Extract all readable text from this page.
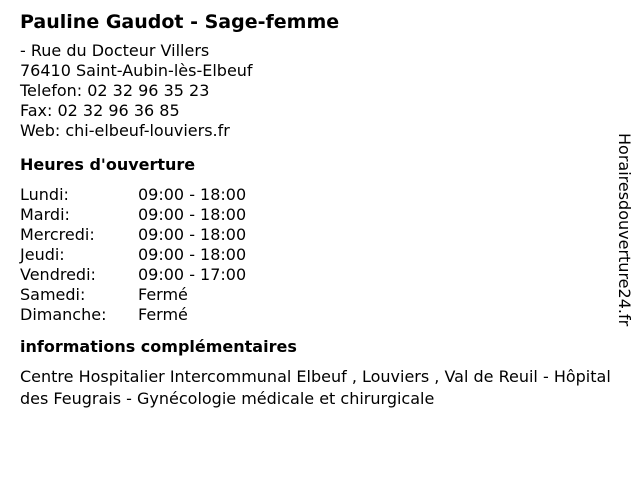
Pauline Gaudot - Sage-femme
- Rue du Docteur Villers
76410 Saint-Aubin-lès-Elbeuf
Telefon: 02 32 96 35 23
Fax: 02 32 96 36 85
Web: chi-elbeuf-louviers.fr
Heures d'ouverture
Lundi:	09:00 - 18:00
Mardi:	09:00 - 18:00
Mercredi:	09:00 - 18:00
Jeudi:	09:00 - 18:00
Vendredi:	09:00 - 17:00
Samedi:	Fermé
Dimanche:	Fermé
informations complémentaires
Centre Hospitalier Intercommunal Elbeuf , Louviers , Val de Reuil - Hôpital des Feugrais - Gynécologie médicale et chirurgicale
Horairesdouverture24.fr
